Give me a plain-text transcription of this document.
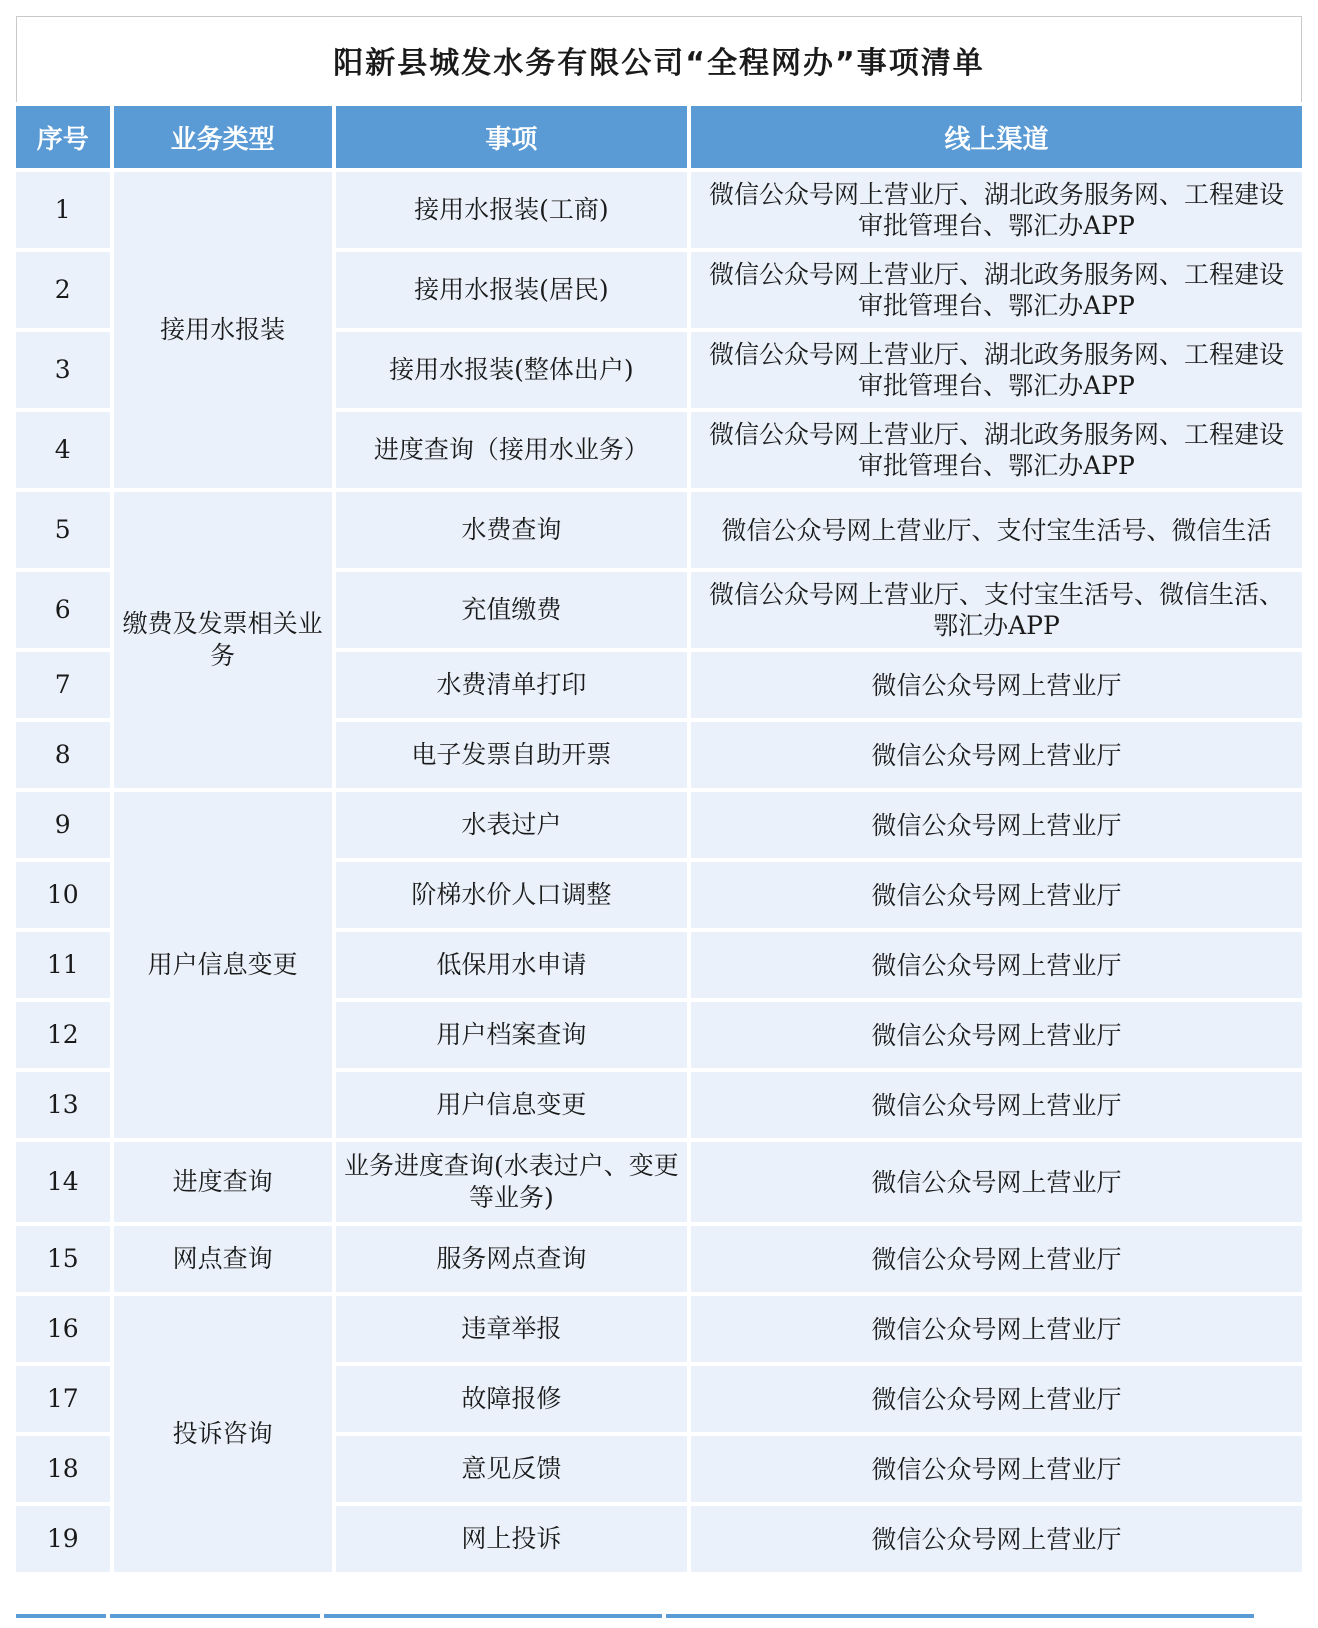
阳新县城发水务有限公司“全程网办”事项清单
序号	业务类型	事项	线上渠道
1	接用水报装	接用水报装(工商)	微信公众号网上营业厅、湖北政务服务网、工程建设审批管理台、鄂汇办APP
2		接用水报装(居民)	微信公众号网上营业厅、湖北政务服务网、工程建设审批管理台、鄂汇办APP
3		接用水报装(整体出户)	微信公众号网上营业厅、湖北政务服务网、工程建设审批管理台、鄂汇办APP
4		进度查询（接用水业务）	微信公众号网上营业厅、湖北政务服务网、工程建设审批管理台、鄂汇办APP
5	缴费及发票相关业务	水费查询	微信公众号网上营业厅、支付宝生活号、微信生活
6		充值缴费	微信公众号网上营业厅、支付宝生活号、微信生活、鄂汇办APP
7		水费清单打印	微信公众号网上营业厅
8		电子发票自助开票	微信公众号网上营业厅
9	用户信息变更	水表过户	微信公众号网上营业厅
10		阶梯水价人口调整	微信公众号网上营业厅
11		低保用水申请	微信公众号网上营业厅
12		用户档案查询	微信公众号网上营业厅
13		用户信息变更	微信公众号网上营业厅
14	进度查询	业务进度查询(水表过户、变更等业务)	微信公众号网上营业厅
15	网点查询	服务网点查询	微信公众号网上营业厅
16	投诉咨询	违章举报	微信公众号网上营业厅
17		故障报修	微信公众号网上营业厅
18		意见反馈	微信公众号网上营业厅
19		网上投诉	微信公众号网上营业厅
